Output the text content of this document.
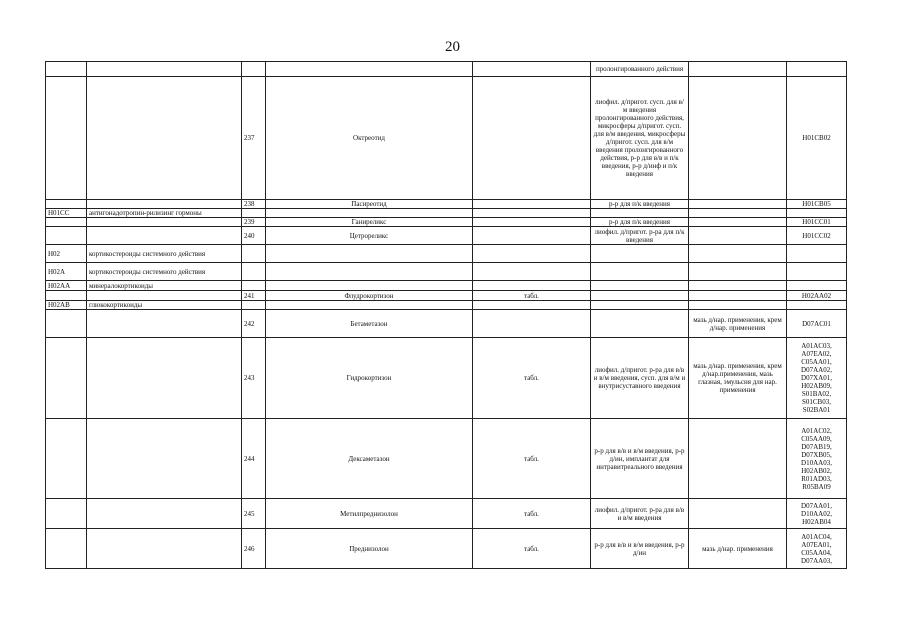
20
					пролонгированного действия		
		237	Октреотид		лиофил. д/пригот. сусп. для в/м введения пролонгированного действия, микросферы д/пригот. сусп. для в/м введения, микросферы д/пригот. сусп. для в/м введения пролонгированного действия, р-р для в/в и п/к введения, р-р д/инф и п/к введения		H01CB02
		238	Пасиреотид		р-р для п/к введения		H01CB05
H01CC	антигонадотропин-рилизинг гормоны						
		239	Ганиреликс		р-р для п/к введения		H01CC01
		240	Цетрореликс		лиофил. д/пригот. р-ра для п/к введения		H01CC02
H02	кортикостероиды системного действия						
H02A	кортикостероиды системного действия						
H02AA	минералокортикоиды						
		241	Флудрокортизон	табл.			H02AA02
H02AB	глюкокортикоиды						
		242	Бетаметазон			мазь д/нар. применения, крем д/нар. применения	D07AC01
		243	Гидрокортизон	табл.	лиофил. д/пригот. р-ра для в/в и в/м введения, сусп. для в/м и внутрисуставного введения	мазь д/нар. применения, крем д/нар.применения, мазь глазная, эмульсия для нар. применения	A01AC03, A07EA02, C05AA01, D07AA02, D07XA01, H02AB09, S01BA02, S01CB03, S02BA01
		244	Дексаметазон	табл.	р-р для в/в и в/м введения, р-р д/ин, имплантат для интравитреального введения		A01AC02, C05AA09, D07AB19, D07XB05, D10AA03, H02AB02, R01AD03, R05BA09
		245	Метилпреднизолон	табл.	лиофил. д/пригот. р-ра для в/в и в/м введения		D07AA01, D10AA02, H02AB04
		246	Преднизолон	табл.	р-р для в/в и в/м введения, р-р д/ин	мазь д/нар. применения	A01AC04, A07EA01, C05AA04, D07AA03,
